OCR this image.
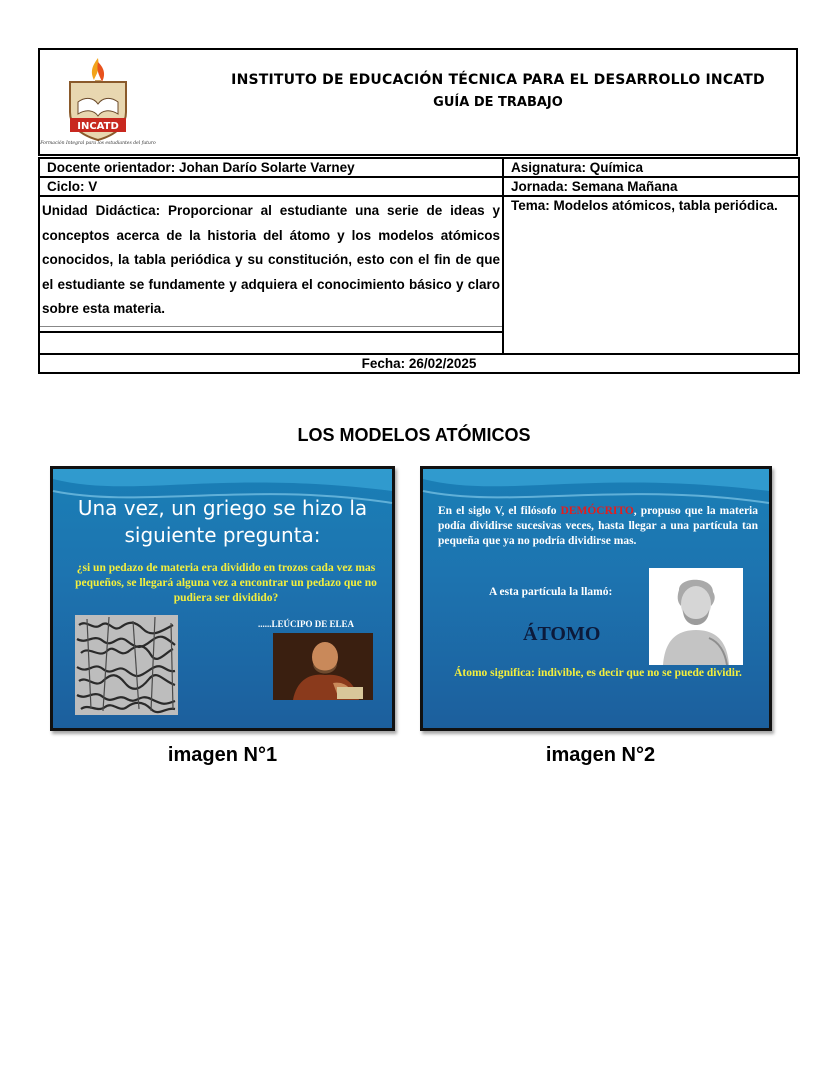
INCATD
Formación Integral para los estudiantes del futuro
INSTITUTO DE EDUCACIÓN TÉCNICA PARA EL DESARROLLO INCATD
GUÍA DE TRABAJO
Docente orientador: Johan Darío Solarte Varney	Asignatura: Química
Ciclo: V	Jornada: Semana Mañana

Unidad Didáctica: Proporcionar al estudiante una serie de ideas y conceptos acerca de la historia del átomo y los modelos atómicos conocidos, la tabla periódica y su constitución, esto con el fin de que el estudiante se fundamente y adquiera el conocimiento básico y claro sobre esta materia.	Tema: Modelos atómicos, tabla periódica.
Fecha: 26/02/2025	
LOS MODELOS ATÓMICOS
Una vez, un griego se hizo la siguiente pregunta:
¿si un pedazo de materia era dividido en trozos cada vez mas pequeños, se llegará alguna vez a encontrar un pedazo que no pudiera ser dividido?
......LEÚCIPO DE ELEA
En el siglo V, el filósofo DEMÓCRITO, propuso que la materia podía dividirse sucesivas veces, hasta llegar a una partícula tan pequeña que ya no podría dividirse mas.
A esta partícula la llamó:
ÁTOMO
Átomo significa: indivible, es decir que no se puede dividir.
imagen N°1	imagen N°2
